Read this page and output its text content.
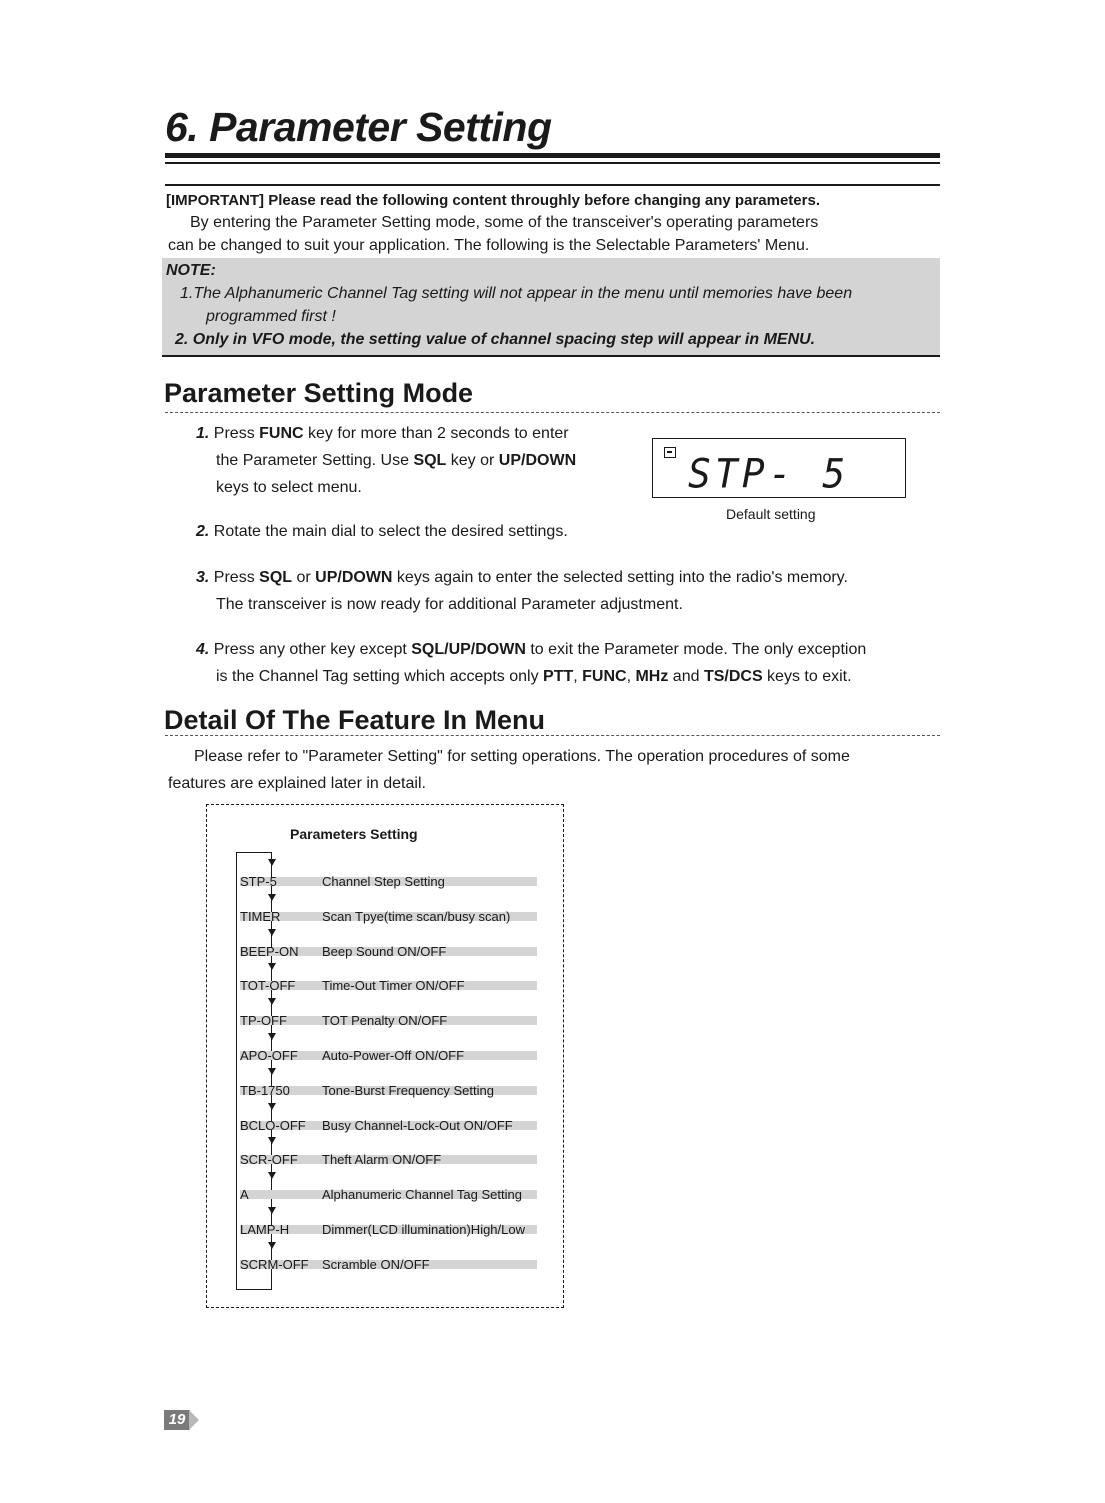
6. Parameter Setting
[IMPORTANT] Please read the following content throughly before changing any parameters.
By entering the Parameter Setting mode, some of the transceiver's operating parameters
can be changed to suit your application. The following is the Selectable Parameters' Menu.
NOTE:
1.The Alphanumeric Channel Tag setting will not appear in the menu until memories have been
programmed first !
2. Only in VFO mode, the setting value of channel spacing step will appear in MENU.
Parameter Setting Mode
1. Press FUNC key for more than 2 seconds to enter
the Parameter Setting. Use SQL key or UP/DOWN
keys to select menu.	STP- 5
Default setting
2. Rotate the main dial to select the desired settings.
3. Press SQL or UP/DOWN keys again to enter the selected setting into the radio's memory.
The transceiver is now ready for additional Parameter adjustment.
4. Press any other key except SQL/UP/DOWN to exit the Parameter mode. The only exception
is the Channel Tag setting which accepts only PTT, FUNC, MHz and TS/DCS keys to exit.
Detail Of The Feature In Menu
Please refer to "Parameter Setting" for setting operations. The operation procedures of some
features are explained later in detail.
Parameters Setting
STP-5	Channel Step Setting
TIMER	Scan Tpye(time scan/busy scan)
BEEP-ON Beep Sound ON/OFF
TOT-OFF Time-Out Timer ON/OFF
TP-OFF	TOT Penalty ON/OFF
APO-OFF Auto-Power-Off ON/OFF
TB-1750 Tone-Burst Frequency Setting
BCLO-OFF Busy Channel-Lock-Out ON/OFF
SCR-OFF Theft Alarm ON/OFF
A	Alphanumeric Channel Tag Setting
LAMP-H	Dimmer(LCD illumination)High/Low
SCRM-OFF Scramble ON/OFF
19
